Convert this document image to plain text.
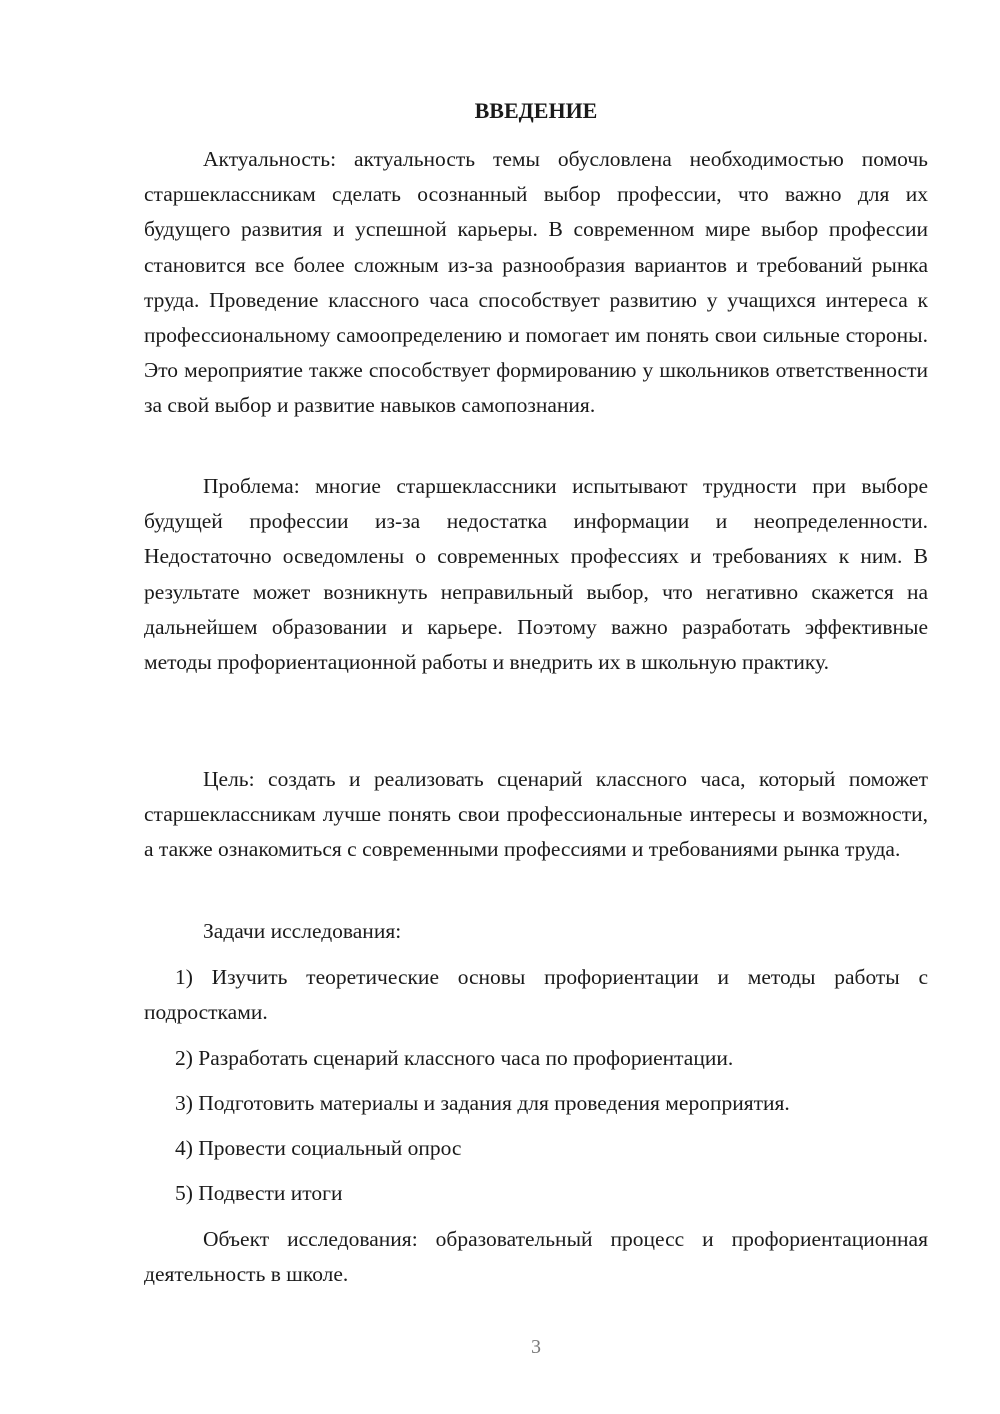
ВВЕДЕНИЕ

Актуальность: актуальность темы обусловлена необходимостью помочь старшеклассникам сделать осознанный выбор профессии, что важно для их будущего развития и успешной карьеры. В современном мире выбор профессии становится все более сложным из-за разнообразия вариантов и требований рынка труда. Проведение классного часа способствует развитию у учащихся интереса к профессиональному самоопределению и помогает им понять свои сильные стороны. Это мероприятие также способствует формированию у школьников ответственности за свой выбор и развитие навыков самопознания.

Проблема: многие старшеклассники испытывают трудности при выборе будущей профессии из-за недостатка информации и неопределенности. Недостаточно осведомлены о современных профессиях и требованиях к ним. В результате может возникнуть неправильный выбор, что негативно скажется на дальнейшем образовании и карьере. Поэтому важно разработать эффективные методы профориентационной работы и внедрить их в школьную практику.

Цель: создать и реализовать сценарий классного часа, который поможет старшеклассникам лучше понять свои профессиональные интересы и возможности, а также ознакомиться с современными профессиями и требованиями рынка труда.

Задачи исследования:

1) Изучить теоретические основы профориентации и методы работы с подростками.

2) Разработать сценарий классного часа по профориентации.

3) Подготовить материалы и задания для проведения мероприятия.

4) Провести социальный опрос

5) Подвести итоги

Объект исследования: образовательный процесс и профориентационная деятельность в школе.

3
